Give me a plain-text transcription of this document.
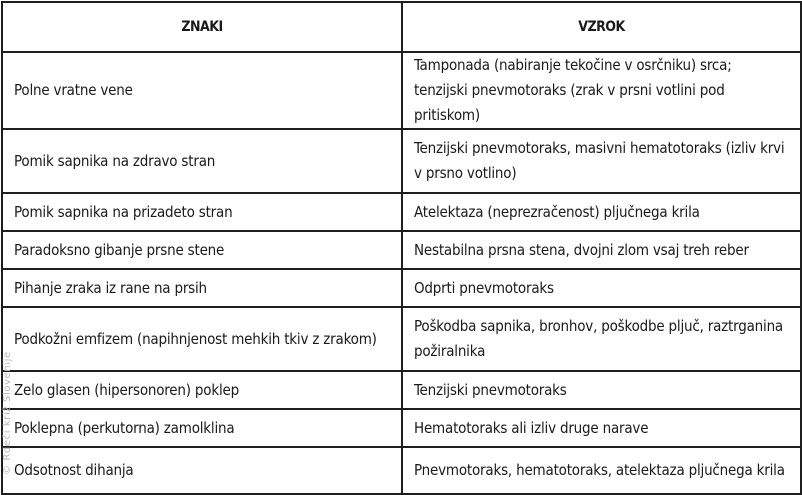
ZNAKI	VZROK
Polne vratne vene	Tamponada (nabiranje tekočine v osrčniku) srca; tenzijski pnevmotoraks (zrak v prsni votlini pod pritiskom)
Pomik sapnika na zdravo stran	Tenzijski pnevmotoraks, masivni hematotoraks (izliv krvi v prsno votlino)
Pomik sapnika na prizadeto stran	Atelektaza (neprezračenost) pljučnega krila
Paradoksno gibanje prsne stene	Nestabilna prsna stena, dvojni zlom vsaj treh reber
Pihanje zraka iz rane na prsih	Odprti pnevmotoraks
Podkožni emfizem (napihnjenost mehkih tkiv z zrakom)	Poškodba sapnika, bronhov, poškodbe pljuč, raztrganina požiralnika
Zelo glasen (hipersonoren) poklep	Tenzijski pnevmotoraks
Poklepna (perkutorna) zamolklina	Hematotoraks ali izliv druge narave
Odsotnost dihanja	Pnevmotoraks, hematotoraks, atelektaza pljučnega krila
© Rdeči križ Slovenije
